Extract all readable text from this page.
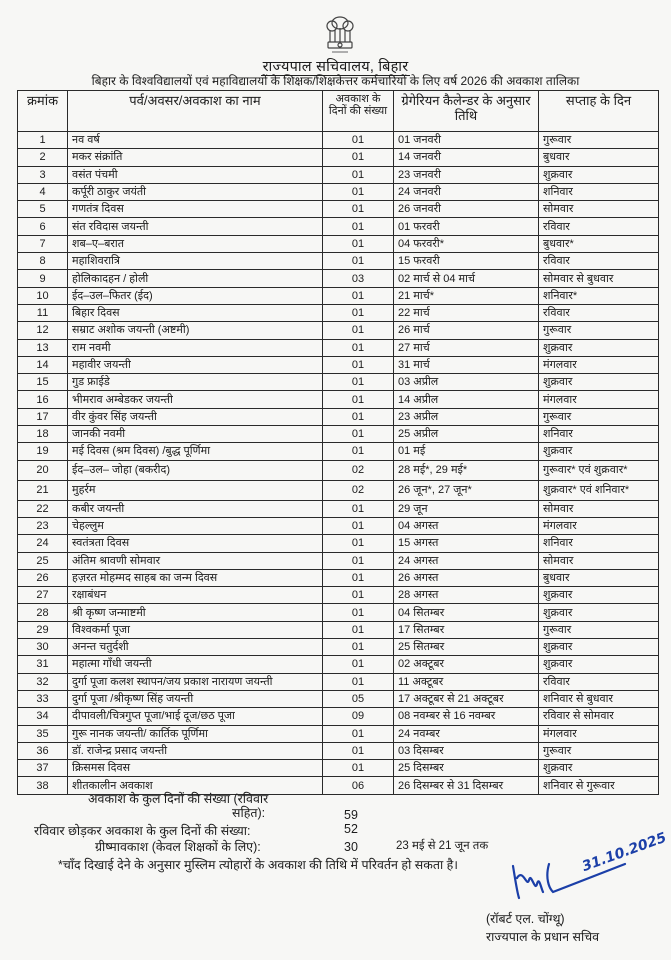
राज्यपाल सचिवालय, बिहार
बिहार के विश्वविद्यालयों एवं महाविद्यालयों के शिक्षक/शिक्षकेत्तर कर्मचारियों के लिए वर्ष 2026 की अवकाश तालिका
क्रमांक	पर्व/अवसर/अवकाश का नाम	अवकाश के दिनों की संख्या	ग्रेगेरियन कैलेन्डर के अनुसार तिथि	सप्ताह के दिन
1	नव वर्ष	01	01 जनवरी	गुरूवार
2	मकर संक्रांति	01	14 जनवरी	बुधवार
3	वसंत पंचमी	01	23 जनवरी	शुक्रवार
4	कर्पूरी ठाकुर जयंती	01	24 जनवरी	शनिवार
5	गणतंत्र दिवस	01	26 जनवरी	सोमवार
6	संत रविदास जयन्ती	01	01 फरवरी	रविवार
7	शब–ए–बरात	01	04 फरवरी*	बुधवार*
8	महाशिवरात्रि	01	15 फरवरी	रविवार
9	होलिकादहन / होली	03	02 मार्च से 04 मार्च	सोमवार से बुधवार
10	ईद–उल–फितर (ईद)	01	21 मार्च*	शनिवार*
11	बिहार दिवस	01	22 मार्च	रविवार
12	सम्राट अशोक जयन्ती (अष्टमी)	01	26 मार्च	गुरूवार
13	राम नवमी	01	27 मार्च	शुक्रवार
14	महावीर जयन्ती	01	31 मार्च	मंगलवार
15	गुड फ्राईडे	01	03 अप्रील	शुक्रवार
16	भीमराव अम्बेडकर जयन्ती	01	14 अप्रील	मंगलवार
17	वीर कुंवर सिंह जयन्ती	01	23 अप्रील	गुरूवार
18	जानकी नवमी	01	25 अप्रील	शनिवार
19	मई दिवस (श्रम दिवस) /बुद्ध पूर्णिमा	01	01 मई	शुक्रवार
20	ईद–उल– जोहा (बकरीद)	02	28 मई*, 29 मई*	गुरूवार* एवं शुक्रवार*
21	मुहर्रम	02	26 जून*, 27 जून*	शुक्रवार* एवं शनिवार*
22	कबीर जयन्ती	01	29 जून	सोमवार
23	चेहल्लुम	01	04 अगस्त	मंगलवार
24	स्वतंत्रता दिवस	01	15 अगस्त	शनिवार
25	अंतिम श्रावणी सोमवार	01	24 अगस्त	सोमवार
26	हज़रत मोहम्मद साहब का जन्म दिवस	01	26 अगस्त	बुधवार
27	रक्षाबंधन	01	28 अगस्त	शुक्रवार
28	श्री कृष्ण जन्माष्टमी	01	04 सितम्बर	शुक्रवार
29	विश्वकर्मा पूजा	01	17 सितम्बर	गुरूवार
30	अनन्त चतुर्दशी	01	25 सितम्बर	शुक्रवार
31	महात्मा गाँधी जयन्ती	01	02 अक्टूबर	शुक्रवार
32	दुर्गा पूजा कलश स्थापन/जय प्रकाश नारायण जयन्ती	01	11 अक्टूबर	रविवार
33	दुर्गा पूजा /श्रीकृष्ण सिंह जयन्ती	05	17 अक्टूबर से 21 अक्टूबर	शनिवार से बुधवार
34	दीपावली/चित्रगुप्त पूजा/भाई दूज/छठ पूजा	09	08 नवम्बर से 16 नवम्बर	रविवार से सोमवार
35	गुरू नानक जयन्ती/ कार्तिक पूर्णिमा	01	24 नवम्बर	मंगलवार
36	डॉ. राजेन्द्र प्रसाद जयन्ती	01	03 दिसम्बर	गुरूवार
37	क्रिसमस दिवस	01	25 दिसम्बर	शुक्रवार
38	शीतकालीन अवकाश	06	26 दिसम्बर से 31 दिसम्बर	शनिवार से गुरूवार
अवकाश के कुल दिनों की संख्या (रविवार
सहित):	59
रविवार छोड़कर अवकाश के कुल दिनों की संख्या:	52
ग्रीष्मावकाश (केवल शिक्षकों के लिए):	30	23 मई से 21 जून तक
*चाँद दिखाई देने के अनुसार मुस्लिम त्योहारों के अवकाश की तिथि में परिवर्तन हो सकता है।	31.10.2025
(रॉबर्ट एल. चोंग्थू)
राज्यपाल के प्रधान सचिव
